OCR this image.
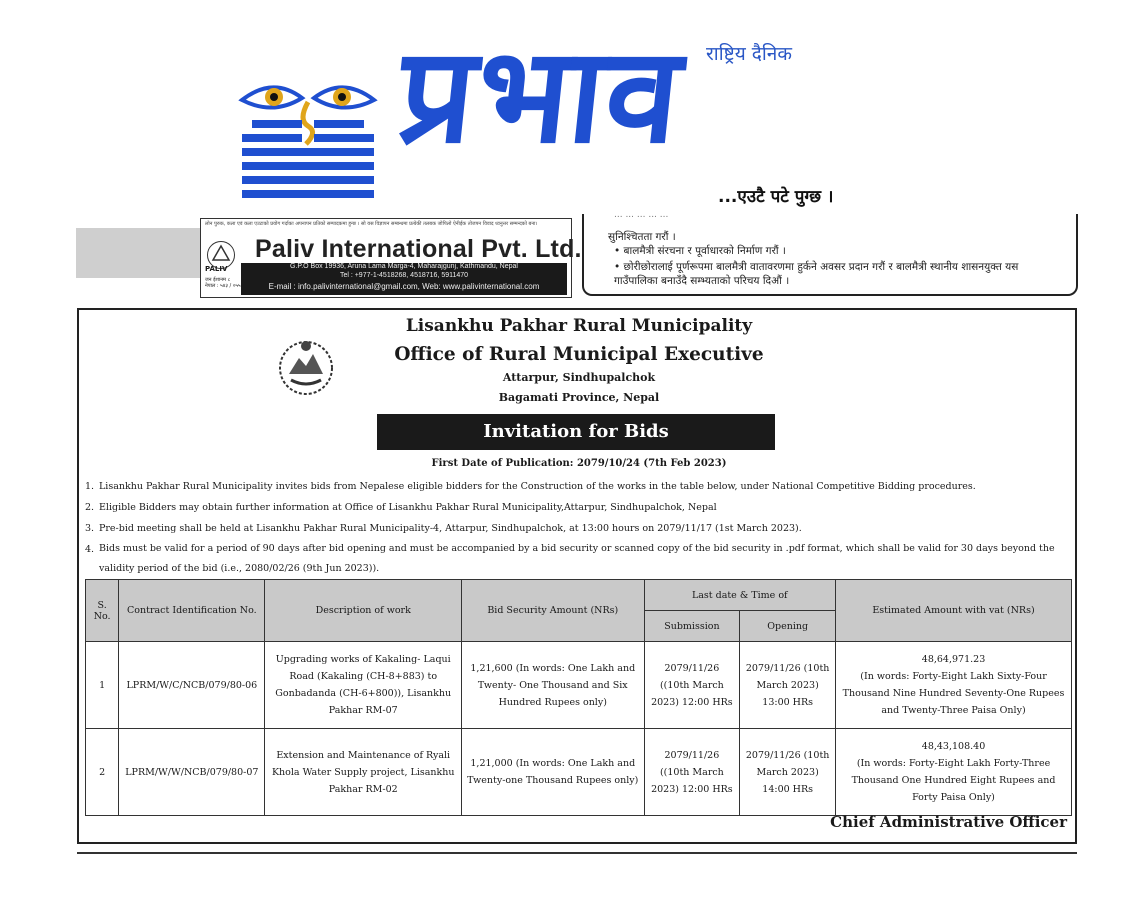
राष्ट्रिय दैनिक
प्रभाव
...एउटै पटे पुग्छ ।
लोन पुरुक, कला एवं कला एउटाको प्रयोग गर्दाका अपनापन प्रतिको सम्पादकमा हुन्छ । सो यस विज्ञापन सम्बन्धमा प्रत्येकी तलबक जोपिलो ऐनीईक तोजपन विवाद ध्वनुत्तर सम्मन्दको बना।
PALIV
जन ईशानम ८
नेपाल : ५४३ / ०५५
Paliv International Pvt. Ltd.
G.P.O Box 19936, Aruna Lama Marga-4, Maharajgunj, Kathmandu, Nepal
Tel : +977-1-4518268, 4518716, 5911470
E-mail : info.palivinternational@gmail.com, Web: www.palivinternational.com

... ... ... ... ...

सुनिश्चितता गरौं ।

• बालमैत्री संरचना र पूर्वाधारको निर्माण गरौं ।

• छोरीछोरालाई पूर्णरूपमा बालमैत्री वातावरणमा हुर्कने अवसर प्रदान गरौं र बालमैत्री स्थानीय शासनयुक्त यस गाउँपालिका बनाउँदै सम्भ्यताको परिचय दिऔं ।

Lisankhu Pakhar Rural Municipality
Office of Rural Municipal Executive
Attarpur, Sindhupalchok
Bagamati Province, Nepal
Invitation for Bids
First Date of Publication: 2079/10/24 (7th Feb 2023)
1. Lisankhu Pakhar Rural Municipality invites bids from Nepalese eligible bidders for the Construction of the works in the table below, under National Competitive Bidding procedures.
2. Eligible Bidders may obtain further information at Office of Lisankhu Pakhar Rural Municipality,Attarpur, Sindhupalchok, Nepal
3. Pre-bid meeting shall be held at Lisankhu Pakhar Rural Municipality-4, Attarpur, Sindhupalchok, at 13:00 hours on 2079/11/17 (1st March 2023).
4. Bids must be valid for a period of 90 days after bid opening and must be accompanied by a bid security or scanned copy of the bid security in .pdf format, which shall be valid for 30 days beyond the validity period of the bid (i.e., 2080/02/26 (9th Jun 2023)).
S. No.	Contract Identification No.	Description of work	Bid Security Amount (NRs)	Last date & Time of		Estimated Amount with vat (NRs)
				Submission	Opening	
1	LPRM/W/C/NCB/079/80-06	Upgrading works of Kakaling- Laqui Road (Kakaling (CH-8+883) to Gonbadanda (CH-6+800)), Lisankhu Pakhar RM-07	1,21,600 (In words: One Lakh and Twenty- One Thousand and Six Hundred Rupees only)	2079/11/26 ((10th March 2023) 12:00 HRs	2079/11/26 (10th March 2023) 13:00 HRs	48,64,971.23
(In words: Forty-Eight Lakh Sixty-Four Thousand Nine Hundred Seventy-One Rupees and Twenty-Three Paisa Only)

2	LPRM/W/W/NCB/079/80-07	Extension and Maintenance of Ryali Khola Water Supply project, Lisankhu Pakhar RM-02	1,21,000 (In words: One Lakh and Twenty-one Thousand Rupees only)	2079/11/26 ((10th March 2023) 12:00 HRs	2079/11/26 (10th March 2023) 14:00 HRs	48,43,108.40
(In words: Forty-Eight Lakh Forty-Three Thousand One Hundred Eight Rupees and Forty Paisa Only)
Chief Administrative Officer
